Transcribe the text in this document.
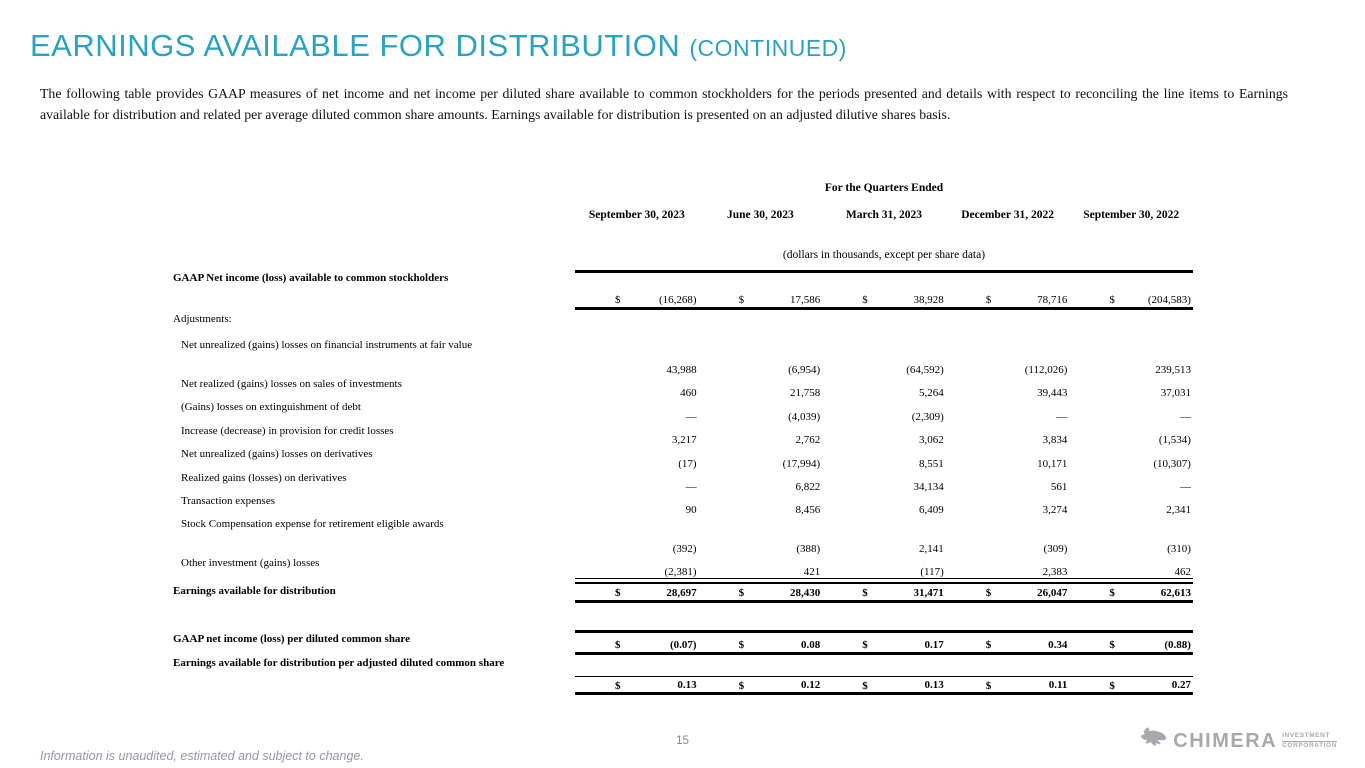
EARNINGS AVAILABLE FOR DISTRIBUTION (CONTINUED)

The following table provides GAAP measures of net income and net income per diluted share available to common stockholders for the periods presented and details with respect to reconciling the line items to Earnings available for distribution and related per average diluted common share amounts. Earnings available for distribution is presented on an adjusted dilutive shares basis.

For the Quarters Ended
September 30, 2023	June 30, 2023	March 31, 2023	December 31, 2022	September 30, 2022
(dollars in thousands, except per share data)
GAAP Net income (loss) available to common stockholders
$	(16,268)	$	17,586	$	38,928	$	78,716	$	(204,583)
Adjustments:
Net unrealized (gains) losses on financial instruments at fair value
43,988	(6,954)	(64,592)	(112,026)	239,513
Net realized (gains) losses on sales of investments
460	21,758	5,264	39,443	37,031
(Gains) losses on extinguishment of debt
—	(4,039)	(2,309)	—	—
Increase (decrease) in provision for credit losses
3,217	2,762	3,062	3,834	(1,534)
Net unrealized (gains) losses on derivatives
(17)	(17,994)	8,551	10,171	(10,307)
Realized gains (losses) on derivatives
—	6,822	34,134	561	—
Transaction expenses
90	8,456	6,409	3,274	2,341
Stock Compensation expense for retirement eligible awards
(392)	(388)	2,141	(309)	(310)
Other investment (gains) losses
(2,381)	421	(117)	2,383	462
Earnings available for distribution	$	28,697	$	28,430	$	31,471	$	26,047	$	62,613
GAAP net income (loss) per diluted common share	$	(0.07)	$	0.08	$	0.17	$	0.34	$	(0.88)
Earnings available for distribution per adjusted diluted common share
$	0.13	$	0.12	$	0.13	$	0.11	$	0.27
Information is unaudited, estimated and subject to change.
15	CHIMERA INVESTMENT
CORPORATION
